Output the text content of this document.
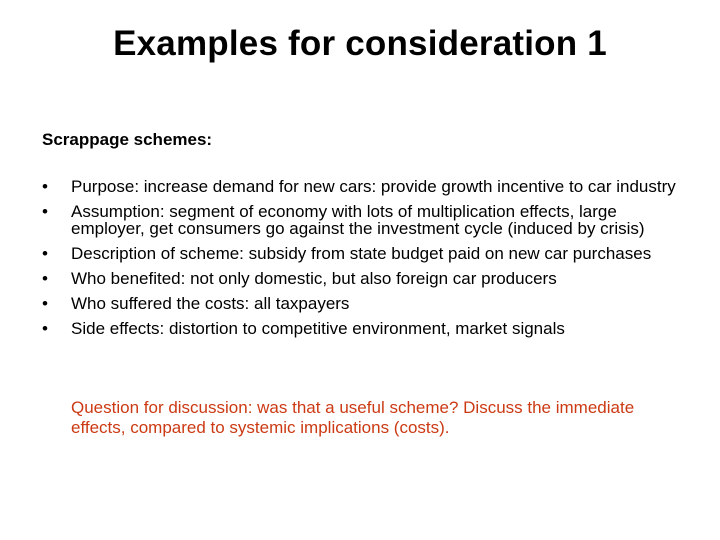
Examples for consideration 1
Scrappage schemes:
•	Purpose: increase demand for new cars: provide growth incentive to car industry
•	Assumption: segment of economy with lots of multiplication effects, large employer, get consumers go against the investment cycle (induced by crisis)
•	Description of scheme: subsidy from state budget paid on new car purchases
•	Who benefited: not only domestic, but also foreign car producers
•	Who suffered the costs: all taxpayers
•	Side effects: distortion to competitive environment, market signals
Question for discussion: was that a useful scheme? Discuss the immediate effects, compared to systemic implications (costs).
